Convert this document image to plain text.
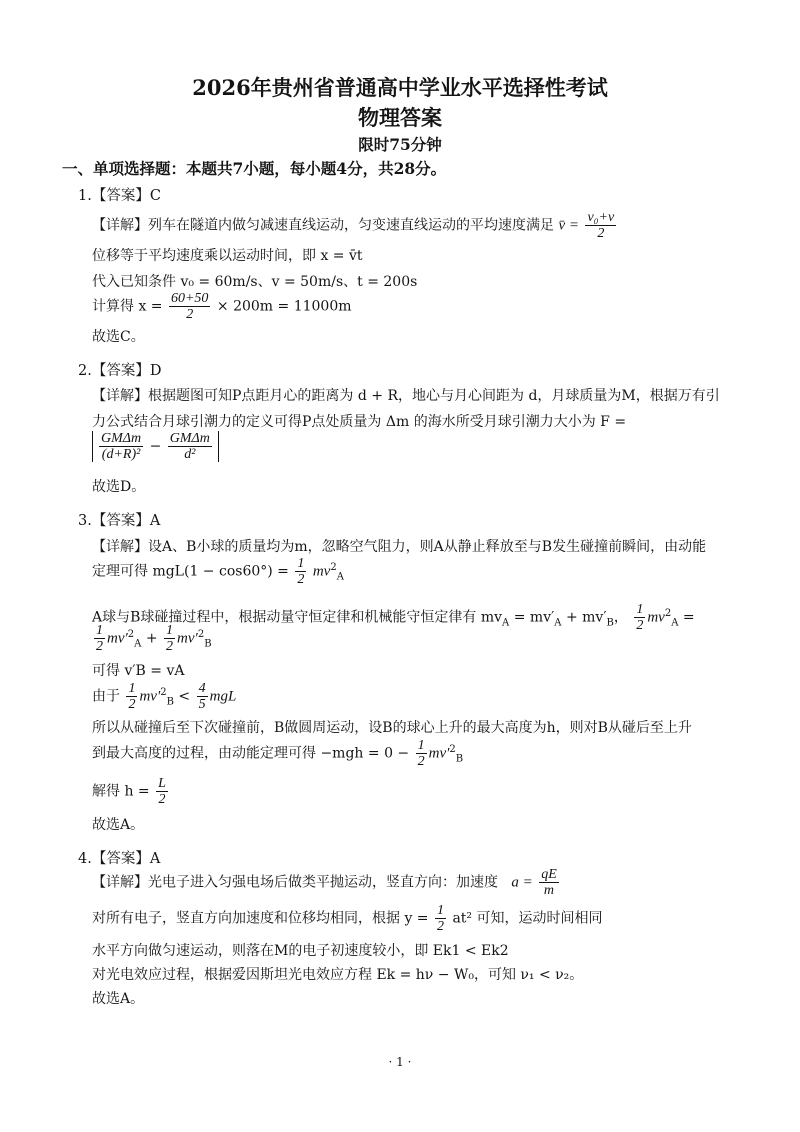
2026年贵州省普通高中学业水平选择性考试
物理答案
限时75分钟
一、单项选择题：本题共7小题，每小题4分，共28分。
1.【答案】C
【详解】列车在隧道内做匀减速直线运动，匀变速直线运动的平均速度满足 v̄ = $\frac{\text{v₀+v}}{2}$
位移等于平均速度乘以运动时间，即 x = v̄t
代入已知条件 v₀ = 60m/s、v = 50m/s、t = 200s
计算得 $x = \frac{60+50}{2} \times 200m = 11000m$
故选C。
2.【答案】D
【详解】根据题图可知P点距月心的距离为 d + R，地心与月心间距为 d，月球质量为M，根据万有引
力公式结合月球引潮力的定义可得P点处质量为 Δm 的海水所受月球引潮力大小为 F =
$\frac{\text{GMΔm}}{\text{(d+R)²}} - \frac{\text{GMΔm}}{\text{d²}}$
故选D。
3.【答案】A
【详解】设A、B小球的质量均为m，忽略空气阻力，则A从静止释放至与B发生碰撞前瞬间，由动能
定理可得 $mgL(1 - \cos 60^\circ) = \frac{1}{2} mv^2_A$
A球与B球碰撞过程中，根据动量守恒定律和机械能守恒定律有 $mv_A = mv'_A + mv'_B$， $\frac{1}{2} mv^2_A$ =
$\frac{1}{2} mv'^2_A + \frac{1}{2} mv'^2_B$
可得 v′B = vA
由于 $\frac{1}{2} mv'^2_B < \frac{4}{5}$ mgL
所以从碰撞后至下次碰撞前，B做圆周运动，设B的球心上升的最大高度为h，则对B从碰后至上升
到最大高度的过程，由动能定理可得 $-mgh = 0 - \frac{1}{2} mv'^2_B$
解得 $h = \frac{L}{2}$
故选A。
4.【答案】A
【详解】光电子进入匀强电场后做类平抛运动，竖直方向：加速度 $a = \frac{qE}{m}$
对所有电子，竖直方向加速度和位移均相同，根据 $y = \frac{1}{2} at^2$ 可知，运动时间相同
水平方向做匀速运动，则落在M的电子初速度较小，即 Ek1 < Ek2
对光电效应过程，根据爱因斯坦光电效应方程 Ek = hν − W₀，可知 ν₁ < ν₂。
故选A。
· 1 ·
